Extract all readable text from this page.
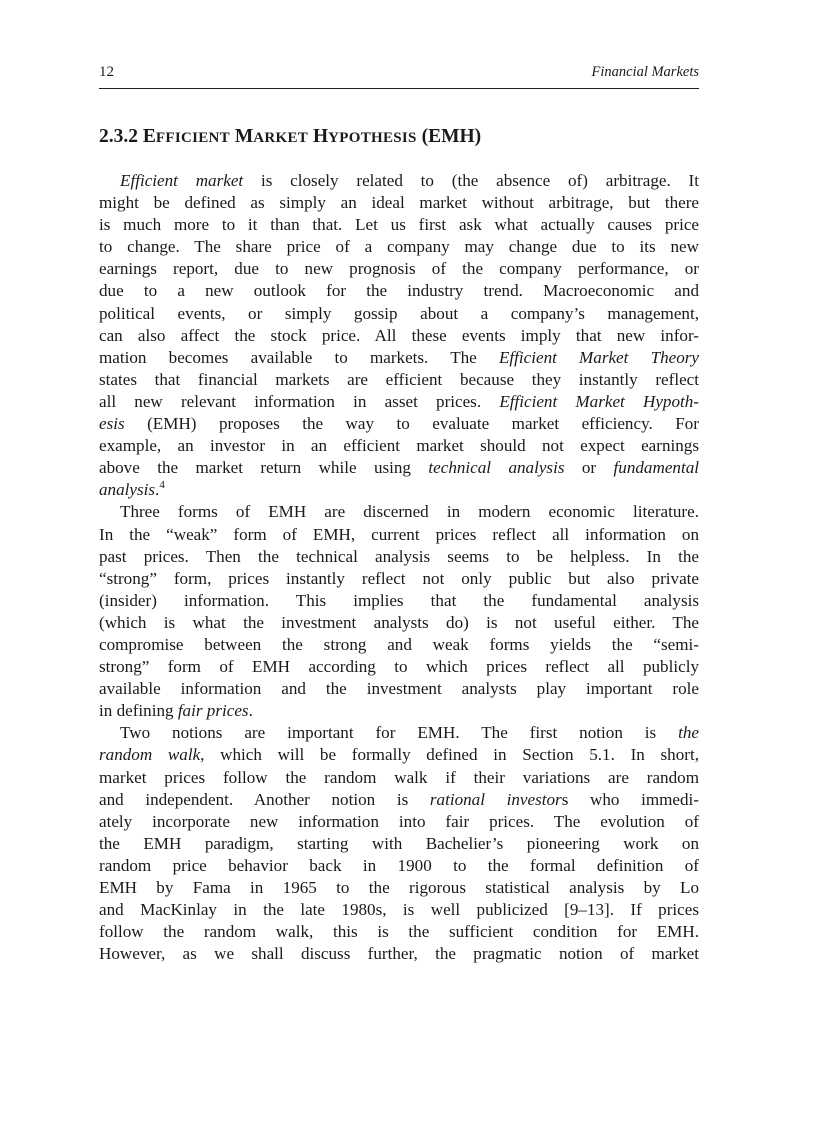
12	Financial Markets
2.3.2 EFFICIENT MARKET HYPOTHESIS (EMH)
Efficient market is closely related to (the absence of) arbitrage. It
might be defined as simply an ideal market without arbitrage, but there
is much more to it than that. Let us first ask what actually causes price
to change. The share price of a company may change due to its new
earnings report, due to new prognosis of the company performance, or
due to a new outlook for the industry trend. Macroeconomic and
political events, or simply gossip about a company’s management,
can also affect the stock price. All these events imply that new infor-
mation becomes available to markets. The Efficient Market Theory
states that financial markets are efficient because they instantly reflect
all new relevant information in asset prices. Efficient Market Hypoth-
esis (EMH) proposes the way to evaluate market efficiency. For
example, an investor in an efficient market should not expect earnings
above the market return while using technical analysis or fundamental
analysis.$^4$
Three forms of EMH are discerned in modern economic literature.
In the “weak” form of EMH, current prices reflect all information on
past prices. Then the technical analysis seems to be helpless. In the
“strong” form, prices instantly reflect not only public but also private
(insider) information. This implies that the fundamental analysis
(which is what the investment analysts do) is not useful either. The
compromise between the strong and weak forms yields the “semi-
strong” form of EMH according to which prices reflect all publicly
available information and the investment analysts play important role
in defining fair prices.
Two notions are important for EMH. The first notion is the
random walk, which will be formally defined in Section 5.1. In short,
market prices follow the random walk if their variations are random
and independent. Another notion is rational investors who immedi-
ately incorporate new information into fair prices. The evolution of
the EMH paradigm, starting with Bachelier’s pioneering work on
random price behavior back in 1900 to the formal definition of
EMH by Fama in 1965 to the rigorous statistical analysis by Lo
and MacKinlay in the late 1980s, is well publicized [9–13]. If prices
follow the random walk, this is the sufficient condition for EMH.
However, as we shall discuss further, the pragmatic notion of market
